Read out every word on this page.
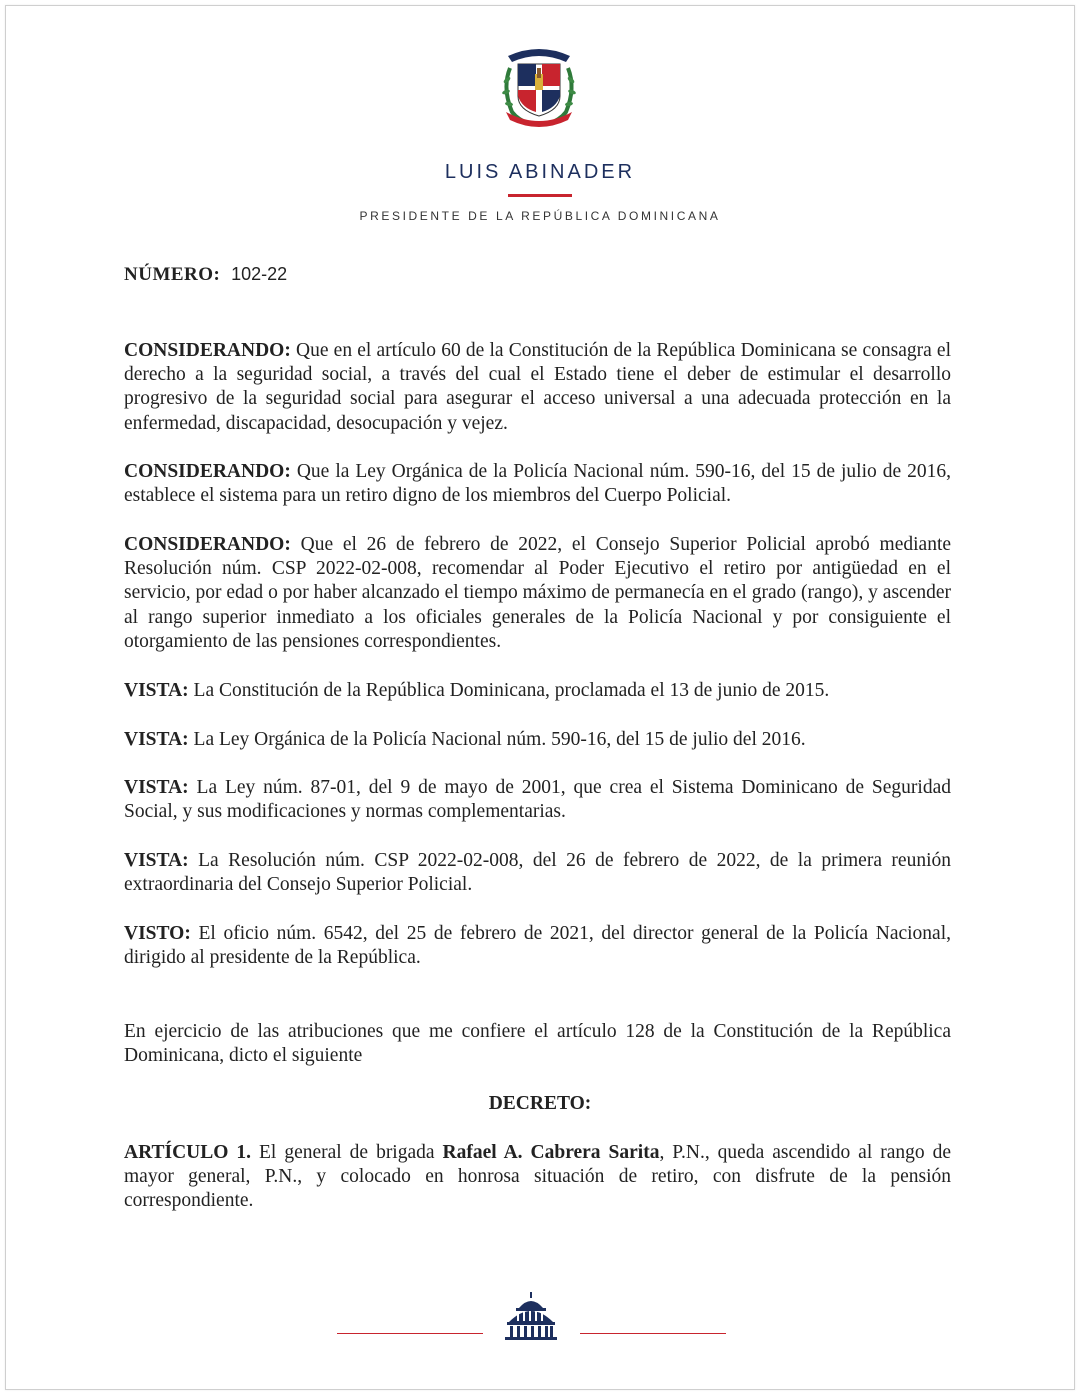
LUIS ABINADER
PRESIDENTE DE LA REPÚBLICA DOMINICANA
NÚMERO: 102-22

CONSIDERANDO: Que en el artículo 60 de la Constitución de la República Dominicana se consagra el derecho a la seguridad social, a través del cual el Estado tiene el deber de estimular el desarrollo progresivo de la seguridad social para asegurar el acceso universal a una adecuada protección en la enfermedad, discapacidad, desocupación y vejez.

CONSIDERANDO: Que la Ley Orgánica de la Policía Nacional núm. 590-16, del 15 de julio de 2016, establece el sistema para un retiro digno de los miembros del Cuerpo Policial.

CONSIDERANDO: Que el 26 de febrero de 2022, el Consejo Superior Policial aprobó mediante Resolución núm. CSP 2022-02-008, recomendar al Poder Ejecutivo el retiro por antigüedad en el servicio, por edad o por haber alcanzado el tiempo máximo de permanecía en el grado (rango), y ascender al rango superior inmediato a los oficiales generales de la Policía Nacional y por consiguiente el otorgamiento de las pensiones correspondientes.

VISTA: La Constitución de la República Dominicana, proclamada el 13 de junio de 2015.

VISTA: La Ley Orgánica de la Policía Nacional núm. 590-16, del 15 de julio del 2016.

VISTA: La Ley núm. 87-01, del 9 de mayo de 2001, que crea el Sistema Dominicano de Seguridad Social, y sus modificaciones y normas complementarias.

VISTA: La Resolución núm. CSP 2022-02-008, del 26 de febrero de 2022, de la primera reunión extraordinaria del Consejo Superior Policial.

VISTO: El oficio núm. 6542, del 25 de febrero de 2021, del director general de la Policía Nacional, dirigido al presidente de la República.

En ejercicio de las atribuciones que me confiere el artículo 128 de la Constitución de la República Dominicana, dicto el siguiente

DECRETO:

ARTÍCULO 1. El general de brigada Rafael A. Cabrera Sarita, P.N., queda ascendido al rango de mayor general, P.N., y colocado en honrosa situación de retiro, con disfrute de la pensión correspondiente.
